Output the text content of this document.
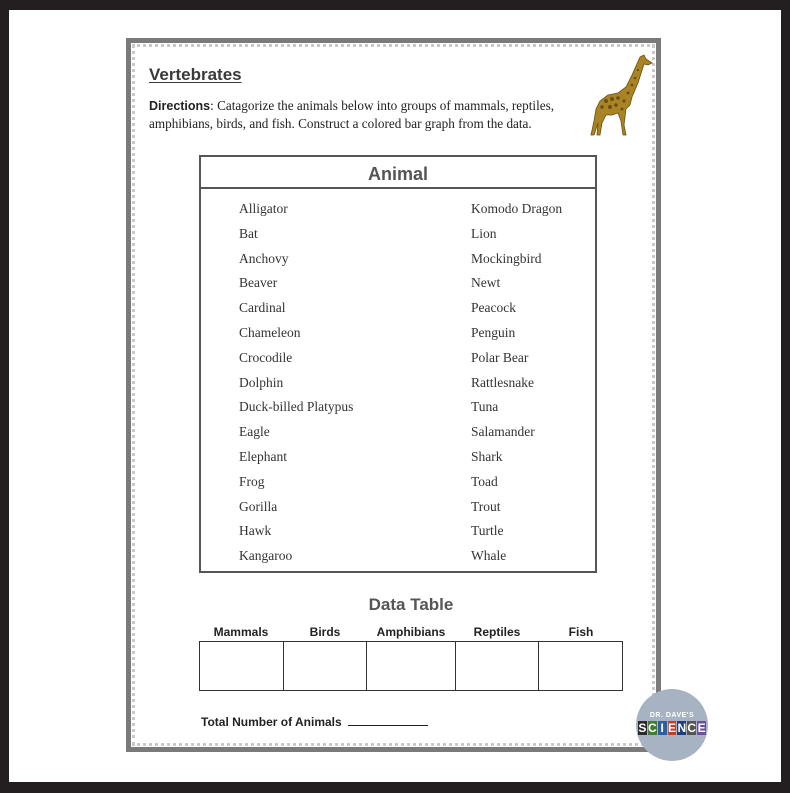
Vertebrates
Directions: Catagorize the animals below into groups of mammals, reptiles, amphibians, birds, and fish. Construct a colored bar graph from the data.
Animal
Alligator
Bat
Anchovy
Beaver
Cardinal
Chameleon
Crocodile
Dolphin
Duck-billed Platypus
Eagle
Elephant
Frog
Gorilla
Hawk
Kangaroo
Komodo Dragon
Lion
Mockingbird
Newt
Peacock
Penguin
Polar Bear
Rattlesnake
Tuna
Salamander
Shark
Toad
Trout
Turtle
Whale
Data Table
Mammals	Birds	Amphibians	Reptiles	Fish
Total Number of Animals	DR. DAVE'S
S C I E N C E
